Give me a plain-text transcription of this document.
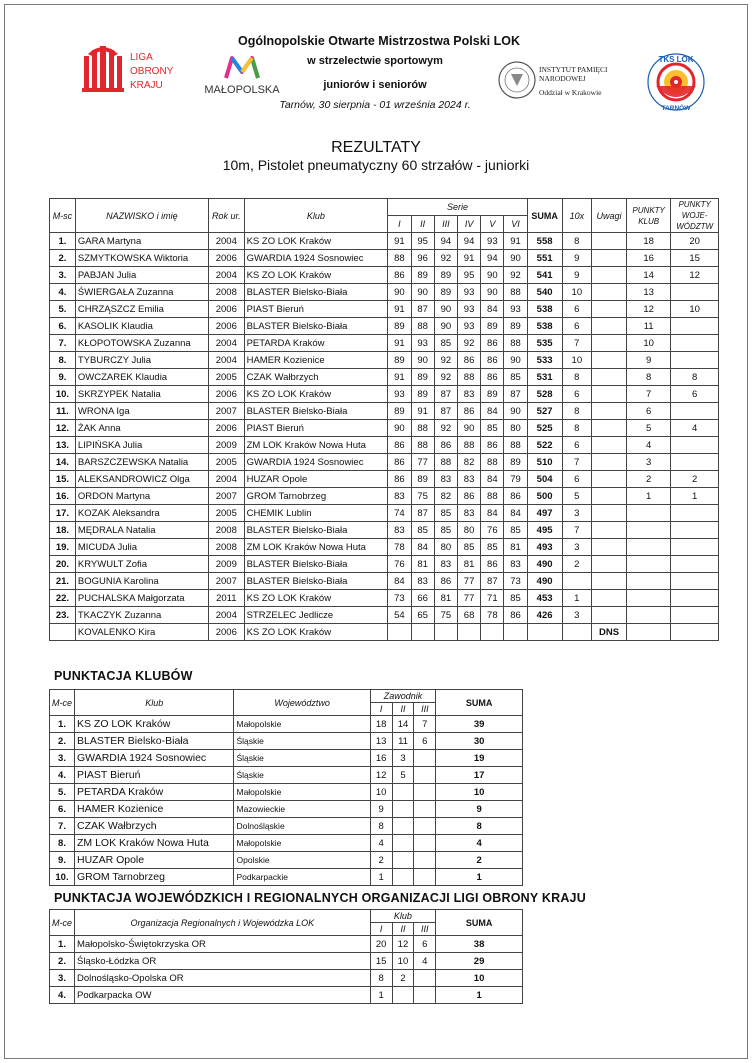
LIGA
OBRONY
KRAJU	MAŁOPOLSKA
INSTYTUT PAMIĘCI
NARODOWEJ
Oddział w Krakowie
TKS LOK
TARNÓW
Ogólnopolskie Otwarte Mistrzostwa Polski LOK
w strzelectwie sportowym
juniorów i seniorów
Tarnów, 30 sierpnia - 01 września 2024 r.
REZULTATY
10m, Pistolet pneumatyczny 60 strzałów - juniorki
M-sc	NAZWISKO i imię	Rok ur.	Klub	Serie						SUMA	10x	Uwagi	PUNKTY KLUB	PUNKTY WOJE-WÓDZTW
				I	II	III	IV	V	VI					
1.	GARA Martyna	2004	KS ZO LOK Kraków	91	95	94	94	93	91	558	8		18	20
2.	SZMYTKOWSKA Wiktoria	2006	GWARDIA 1924 Sosnowiec	88	96	92	91	94	90	551	9		16	15
3.	PABJAN Julia	2004	KS ZO LOK Kraków	86	89	89	95	90	92	541	9		14	12
4.	ŚWIERGAŁA Zuzanna	2008	BLASTER Bielsko-Biała	90	90	89	93	90	88	540	10		13	
5.	CHRZĄSZCZ Emilia	2006	PIAST Bieruń	91	87	90	93	84	93	538	6		12	10
6.	KASOLIK Klaudia	2006	BLASTER Bielsko-Biała	89	88	90	93	89	89	538	6		11	
7.	KŁOPOTOWSKA Zuzanna	2004	PETARDA Kraków	91	93	85	92	86	88	535	7		10	
8.	TYBURCZY Julia	2004	HAMER Kozienice	89	90	92	86	86	90	533	10		9	
9.	OWCZAREK Klaudia	2005	CZAK Wałbrzych	91	89	92	88	86	85	531	8		8	8
10.	SKRZYPEK Natalia	2006	KS ZO LOK Kraków	93	89	87	83	89	87	528	6		7	6
11.	WRONA Iga	2007	BLASTER Bielsko-Biała	89	91	87	86	84	90	527	8		6	
12.	ŻAK Anna	2006	PIAST Bieruń	90	88	92	90	85	80	525	8		5	4
13.	LIPIŃSKA Julia	2009	ZM LOK Kraków Nowa Huta	86	88	86	88	86	88	522	6		4	
14.	BARSZCZEWSKA Natalia	2005	GWARDIA 1924 Sosnowiec	86	77	88	82	88	89	510	7		3	
15.	ALEKSANDROWICZ Olga	2004	HUZAR Opole	86	89	83	83	84	79	504	6		2	2
16.	ORDON Martyna	2007	GROM Tarnobrzeg	83	75	82	86	88	86	500	5		1	1
17.	KOZAK Aleksandra	2005	CHEMIK Lublin	74	87	85	83	84	84	497	3			
18.	MĘDRALA Natalia	2008	BLASTER Bielsko-Biała	83	85	85	80	76	85	495	7			
19.	MICUDA Julia	2008	ZM LOK Kraków Nowa Huta	78	84	80	85	85	81	493	3			
20.	KRYWULT Zofia	2009	BLASTER Bielsko-Biała	76	81	83	81	86	83	490	2			
21.	BOGUNIA Karolina	2007	BLASTER Bielsko-Biała	84	83	86	77	87	73	490				
22.	PUCHALSKA Małgorzata	2011	KS ZO LOK Kraków	73	66	81	77	71	85	453	1			
23.	TKACZYK Zuzanna	2004	STRZELEC Jedlicze	54	65	75	68	78	86	426	3			
	KOVALENKO Kira	2006	KS ZO LOK Kraków									DNS		
PUNKTACJA KLUBÓW
M-ce	Klub	Województwo	Zawodnik			SUMA
			I	II	III	
1.	KS ZO LOK Kraków	Małopolskie	18	14	7	39
2.	BLASTER Bielsko-Biała	Śląskie	13	11	6	30
3.	GWARDIA 1924 Sosnowiec	Śląskie	16	3		19
4.	PIAST Bieruń	Śląskie	12	5		17
5.	PETARDA Kraków	Małopolskie	10			10
6.	HAMER Kozienice	Mazowieckie	9			9
7.	CZAK Wałbrzych	Dolnośląskie	8			8
8.	ZM LOK Kraków Nowa Huta	Małopolskie	4			4
9.	HUZAR Opole	Opolskie	2			2
10.	GROM Tarnobrzeg	Podkarpackie	1			1
PUNKTACJA WOJEWÓDZKICH I REGIONALNYCH ORGANIZACJI LIGI OBRONY KRAJU
M-ce	Organizacja Regionalnych i Wojewódzka LOK	Klub			SUMA
		I	II	III	
1.	Małopolsko-Świętokrzyska OR	20	12	6	38
2.	Śląsko-Łódzka OR	15	10	4	29
3.	Dolnośląsko-Opolska OR	8	2		10
4.	Podkarpacka OW	1			1
